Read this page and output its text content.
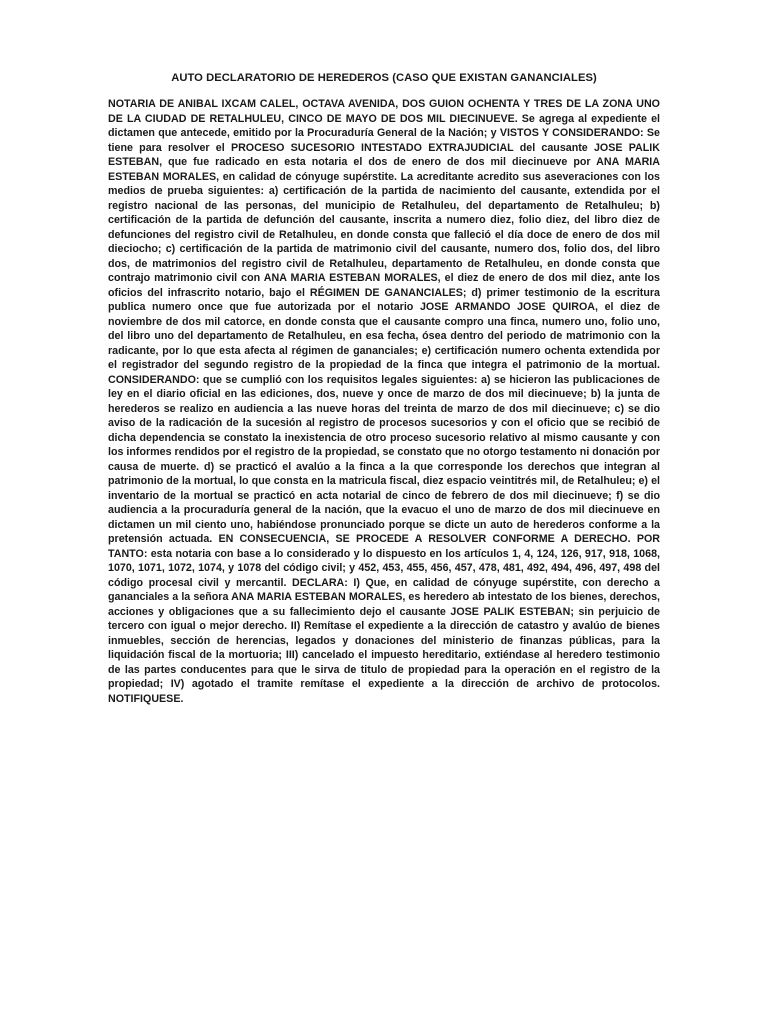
AUTO DECLARATORIO DE HEREDEROS (CASO QUE EXISTAN GANANCIALES)

NOTARIA DE ANIBAL IXCAM CALEL, OCTAVA AVENIDA, DOS GUION OCHENTA Y TRES DE LA ZONA UNO DE LA CIUDAD DE RETALHULEU, CINCO DE MAYO DE DOS MIL DIECINUEVE. Se agrega al expediente el dictamen que antecede, emitido por la Procuraduría General de la Nación; y VISTOS Y CONSIDERANDO: Se tiene para resolver el PROCESO SUCESORIO INTESTADO EXTRAJUDICIAL del causante JOSE PALIK ESTEBAN, que fue radicado en esta notaria el dos de enero de dos mil diecinueve por ANA MARIA ESTEBAN MORALES, en calidad de cónyuge supérstite. La acreditante acredito sus aseveraciones con los medios de prueba siguientes: a) certificación de la partida de nacimiento del causante, extendida por el registro nacional de las personas, del municipio de Retalhuleu, del departamento de Retalhuleu; b) certificación de la partida de defunción del causante, inscrita a numero diez, folio diez, del libro diez de defunciones del registro civil de Retalhuleu, en donde consta que falleció el día doce de enero de dos mil dieciocho; c) certificación de la partida de matrimonio civil del causante, numero dos, folio dos, del libro dos, de matrimonios del registro civil de Retalhuleu, departamento de Retalhuleu, en donde consta que contrajo matrimonio civil con ANA MARIA ESTEBAN MORALES, el diez de enero de dos mil diez, ante los oficios del infrascrito notario, bajo el RÉGIMEN DE GANANCIALES; d) primer testimonio de la escritura publica numero once que fue autorizada por el notario JOSE ARMANDO JOSE QUIROA, el diez de noviembre de dos mil catorce, en donde consta que el causante compro una finca, numero uno, folio uno, del libro uno del departamento de Retalhuleu, en esa fecha, ósea dentro del periodo de matrimonio con la radicante, por lo que esta afecta al régimen de gananciales; e) certificación numero ochenta extendida por el registrador del segundo registro de la propiedad de la finca que integra el patrimonio de la mortual. CONSIDERANDO: que se cumplió con los requisitos legales siguientes: a) se hicieron las publicaciones de ley en el diario oficial en las ediciones, dos, nueve y once de marzo de dos mil diecinueve; b) la junta de herederos se realizo en audiencia a las nueve horas del treinta de marzo de dos mil diecinueve; c) se dio aviso de la radicación de la sucesión al registro de procesos sucesorios y con el oficio que se recibió de dicha dependencia se constato la inexistencia de otro proceso sucesorio relativo al mismo causante y con los informes rendidos por el registro de la propiedad, se constato que no otorgo testamento ni donación por causa de muerte. d) se practicó el avalúo a la finca a la que corresponde los derechos que integran al patrimonio de la mortual, lo que consta en la matricula fiscal, diez espacio veintitrés mil, de Retalhuleu; e) el inventario de la mortual se practicó en acta notarial de cinco de febrero de dos mil diecinueve; f) se dio audiencia a la procuraduría general de la nación, que la evacuo el uno de marzo de dos mil diecinueve en dictamen un mil ciento uno, habiéndose pronunciado porque se dicte un auto de herederos conforme a la pretensión actuada. EN CONSECUENCIA, SE PROCEDE A RESOLVER CONFORME A DERECHO. POR TANTO: esta notaria con base a lo considerado y lo dispuesto en los artículos 1, 4, 124, 126, 917, 918, 1068, 1070, 1071, 1072, 1074, y 1078 del código civil; y 452, 453, 455, 456, 457, 478, 481, 492, 494, 496, 497, 498 del código procesal civil y mercantil. DECLARA: I) Que, en calidad de cónyuge supérstite, con derecho a gananciales a la señora ANA MARIA ESTEBAN MORALES, es heredero ab intestato de los bienes, derechos, acciones y obligaciones que a su fallecimiento dejo el causante JOSE PALIK ESTEBAN; sin perjuicio de tercero con igual o mejor derecho. II) Remítase el expediente a la dirección de catastro y avalúo de bienes inmuebles, sección de herencias, legados y donaciones del ministerio de finanzas públicas, para la liquidación fiscal de la mortuoria; III) cancelado el impuesto hereditario, extiéndase al heredero testimonio de las partes conducentes para que le sirva de titulo de propiedad para la operación en el registro de la propiedad; IV) agotado el tramite remítase el expediente a la dirección de archivo de protocolos. NOTIFIQUESE.
